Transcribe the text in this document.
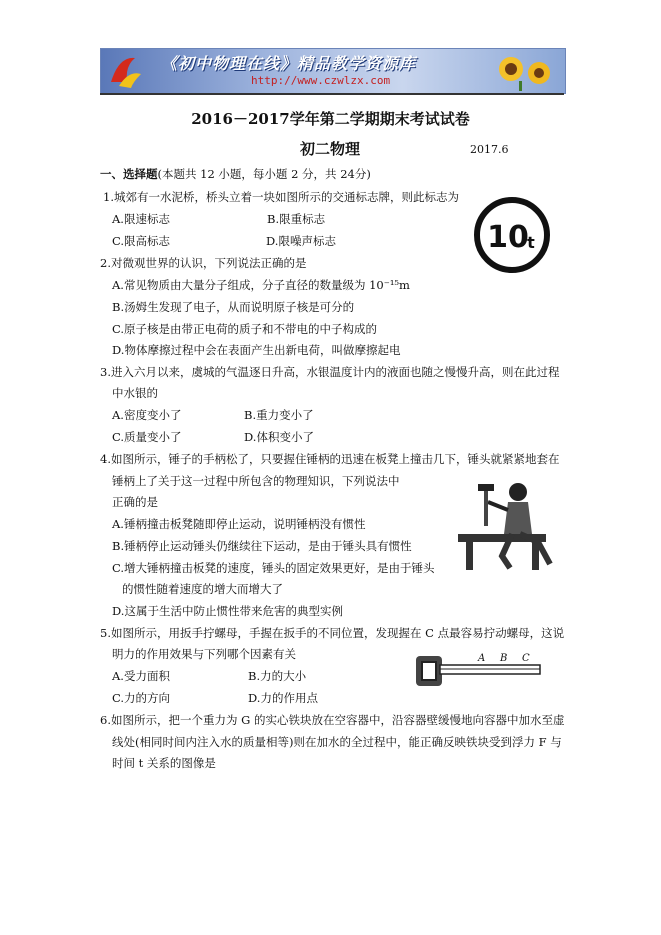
《初中物理在线》精品教学资源库
http://www.czwlzx.com
2016－2017学年第二学期期末考试试卷
初二物理	2017.6
一、选择题(本题共 12 小题，每小题 2 分，共 24分)
1.城郊有一水泥桥，桥头立着一块如图所示的交通标志牌，则此标志为
A.限速标志	B.限重标志
C.限高标志	D.限噪声标志	10
t
2.对微观世界的认识，下列说法正确的是
A.常见物质由大量分子组成，分子直径的数量级为 10⁻¹⁵m
B.汤姆生发现了电子，从而说明原子核是可分的
C.原子核是由带正电荷的质子和不带电的中子构成的
D.物体摩擦过程中会在表面产生出新电荷，叫做摩擦起电
3.进入六月以来，虞城的气温逐日升高，水银温度计内的液面也随之慢慢升高，则在此过程
中水银的
A.密度变小了	B.重力变小了
C.质量变小了	D.体积变小了
4.如图所示，锤子的手柄松了，只要握住锤柄的迅速在板凳上撞击几下，锤头就紧紧地套在
锤柄上了关于这一过程中所包含的物理知识，下列说法中
正确的是
A.锤柄撞击板凳随即停止运动，说明锤柄没有惯性
B.锤柄停止运动锤头仍继续往下运动，是由于锤头具有惯性
C.增大锤柄撞击板凳的速度，锤头的固定效果更好，是由于锤头
的惯性随着速度的增大而增大了
D.这属于生活中防止惯性带来危害的典型实例
5.如图所示，用扳手拧螺母，手握在扳手的不同位置，发现握在 C 点最容易拧动螺母，这说
明力的作用效果与下列哪个因素有关
A.受力面积	B.力的大小
C.力的方向	D.力的作用点
A B C
6.如图所示，把一个重力为 G 的实心铁块放在空容器中，沿容器壁缓慢地向容器中加水至虚
线处(相同时间内注入水的质量相等)则在加水的全过程中，能正确反映铁块受到浮力 F 与
时间 t 关系的图像是
